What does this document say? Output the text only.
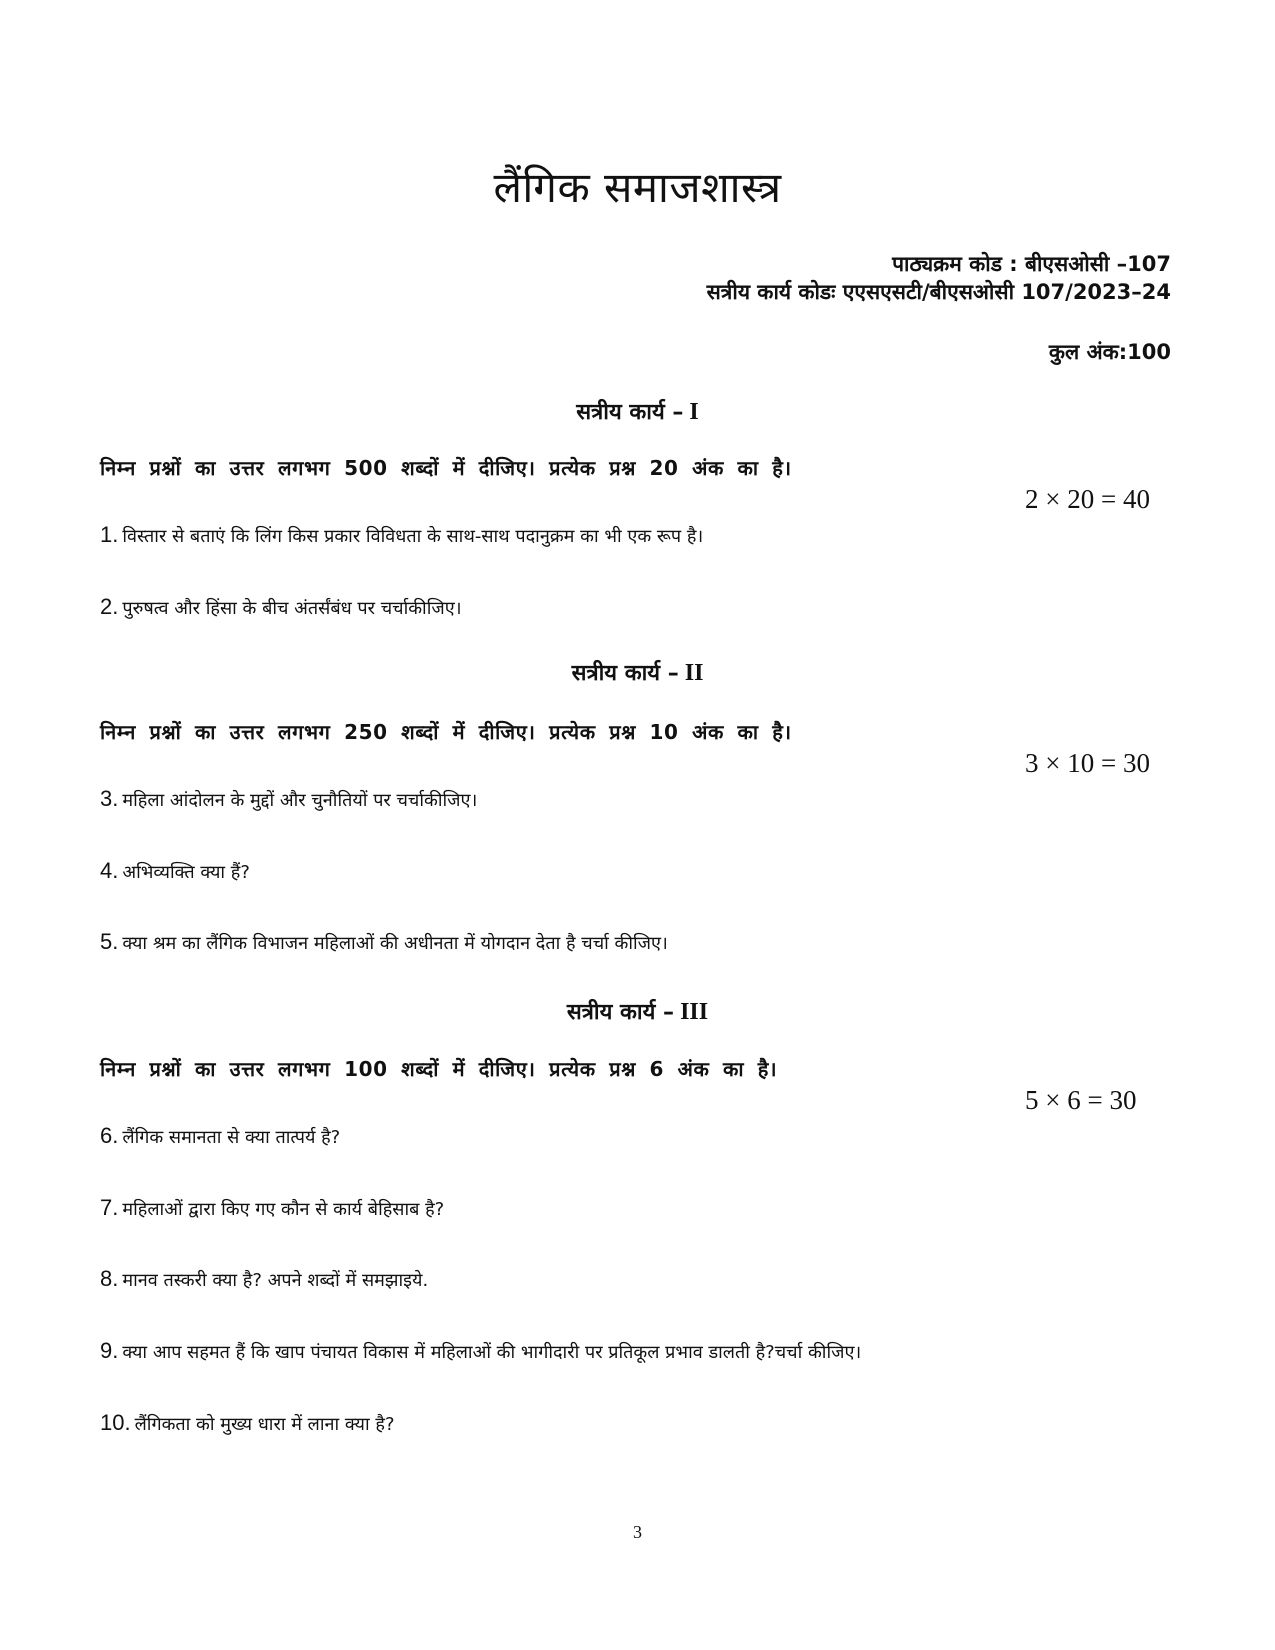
लैंगिक समाजशास्त्र
पाठ्यक्रम कोड : बीएसओसी –107
सत्रीय कार्य कोडः एएसएसटी/बीएसओसी 107/2023–24
कुल अंक:100
सत्रीय कार्य – I
निम्न प्रश्नों का उत्तर लगभग 500 शब्दों में दीजिए। प्रत्येक प्रश्न 20 अंक का है।
2 × 20 = 40
1. विस्तार से बताएं कि लिंग किस प्रकार विविधता के साथ-साथ पदानुक्रम का भी एक रूप है।
2. पुरुषत्व और हिंसा के बीच अंतर्संबंध पर चर्चाकीजिए।
सत्रीय कार्य – II
निम्न प्रश्नों का उत्तर लगभग 250 शब्दों में दीजिए। प्रत्येक प्रश्न 10 अंक का है।
3 × 10 = 30
3. महिला आंदोलन के मुद्दों और चुनौतियों पर चर्चाकीजिए।
4. अभिव्यक्ति क्या हैं?
5. क्या श्रम का लैंगिक विभाजन महिलाओं की अधीनता में योगदान देता है चर्चा कीजिए।
सत्रीय कार्य – III
निम्न प्रश्नों का उत्तर लगभग 100 शब्दों में दीजिए। प्रत्येक प्रश्न 6 अंक का है।
5 × 6 = 30
6. लैंगिक समानता से क्या तात्पर्य है?
7. महिलाओं द्वारा किए गए कौन से कार्य बेहिसाब है?
8. मानव तस्करी क्या है? अपने शब्दों में समझाइये.
9. क्या आप सहमत हैं कि खाप पंचायत विकास में महिलाओं की भागीदारी पर प्रतिकूल प्रभाव डालती है?चर्चा कीजिए।
10. लैंगिकता को मुख्य धारा में लाना क्या है?
3
